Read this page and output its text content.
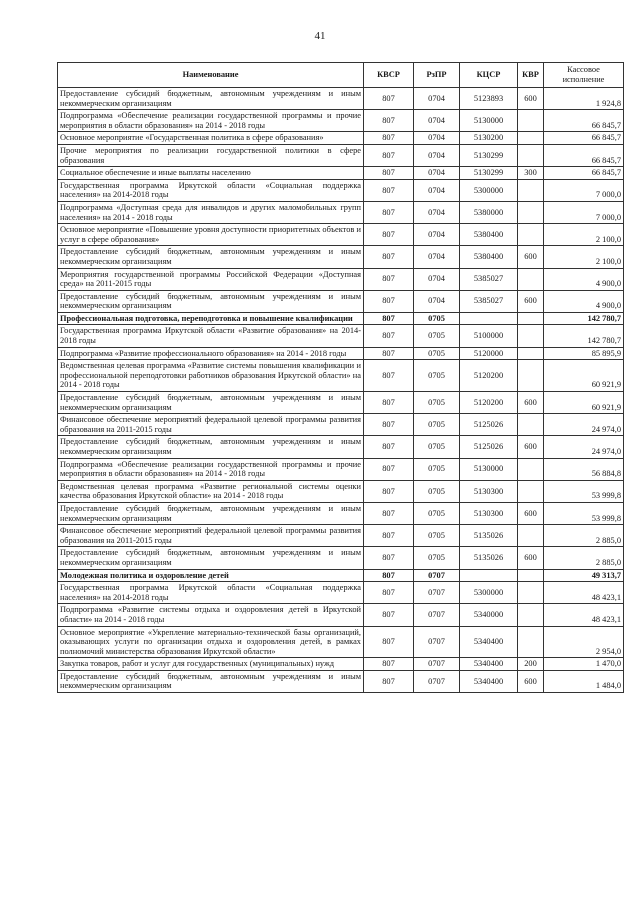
41
Наименование	КВСР	РзПР	КЦСР	КВР	Кассовое исполнение
Предоставление субсидий бюджетным, автономным учреждениям и иным некоммерческим организациям	807	0704	5123893	600	1 924,8
Подпрограмма «Обеспечение реализации государственной программы и прочие мероприятия в области образования» на 2014 - 2018 годы	807	0704	5130000		66 845,7
Основное мероприятие «Государственная политика в сфере образования»	807	0704	5130200		66 845,7
Прочие мероприятия по реализации государственной политики в сфере образования	807	0704	5130299		66 845,7
Социальное обеспечение и иные выплаты населению	807	0704	5130299	300	66 845,7
Государственная программа Иркутской области «Социальная поддержка населения» на 2014-2018 годы	807	0704	5300000		7 000,0
Подпрограмма «Доступная среда для инвалидов и других маломобильных групп населения» на 2014 - 2018 годы	807	0704	5380000		7 000,0
Основное мероприятие «Повышение уровня доступности приоритетных объектов и услуг в сфере образования»	807	0704	5380400		2 100,0
Предоставление субсидий бюджетным, автономным учреждениям и иным некоммерческим организациям	807	0704	5380400	600	2 100,0
Мероприятия государственной программы Российской Федерации «Доступная среда» на 2011-2015 годы	807	0704	5385027		4 900,0
Предоставление субсидий бюджетным, автономным учреждениям и иным некоммерческим организациям	807	0704	5385027	600	4 900,0
Профессиональная подготовка, переподготовка и повышение квалификации	807	0705			142 780,7
Государственная программа Иркутской области «Развитие образования» на 2014-2018 годы	807	0705	5100000		142 780,7
Подпрограмма «Развитие профессионального образования» на 2014 - 2018 годы	807	0705	5120000		85 895,9
Ведомственная целевая программа «Развитие системы повышения квалификации и профессиональной переподготовки работников образования Иркутской области» на 2014 - 2018 годы	807	0705	5120200		60 921,9
Предоставление субсидий бюджетным, автономным учреждениям и иным некоммерческим организациям	807	0705	5120200	600	60 921,9
Финансовое обеспечение мероприятий федеральной целевой программы развития образования на 2011-2015 годы	807	0705	5125026		24 974,0
Предоставление субсидий бюджетным, автономным учреждениям и иным некоммерческим организациям	807	0705	5125026	600	24 974,0
Подпрограмма «Обеспечение реализации государственной программы и прочие мероприятия в области образования» на 2014 - 2018 годы	807	0705	5130000		56 884,8
Ведомственная целевая программа «Развитие региональной системы оценки качества образования Иркутской области» на 2014 - 2018 годы	807	0705	5130300		53 999,8
Предоставление субсидий бюджетным, автономным учреждениям и иным некоммерческим организациям	807	0705	5130300	600	53 999,8
Финансовое обеспечение мероприятий федеральной целевой программы развития образования на 2011-2015 годы	807	0705	5135026		2 885,0
Предоставление субсидий бюджетным, автономным учреждениям и иным некоммерческим организациям	807	0705	5135026	600	2 885,0
Молодежная политика и оздоровление детей	807	0707			49 313,7
Государственная программа Иркутской области «Социальная поддержка населения» на 2014-2018 годы	807	0707	5300000		48 423,1
Подпрограмма «Развитие системы отдыха и оздоровления детей в Иркутской области» на 2014 - 2018 годы	807	0707	5340000		48 423,1
Основное мероприятие «Укрепление материально-технической базы организаций, оказывающих услуги по организации отдыха и оздоровления детей, в рамках полномочий министерства образования Иркутской области»	807	0707	5340400		2 954,0
Закупка товаров, работ и услуг для государственных (муниципальных) нужд	807	0707	5340400	200	1 470,0
Предоставление субсидий бюджетным, автономным учреждениям и иным некоммерческим организациям	807	0707	5340400	600	1 484,0
